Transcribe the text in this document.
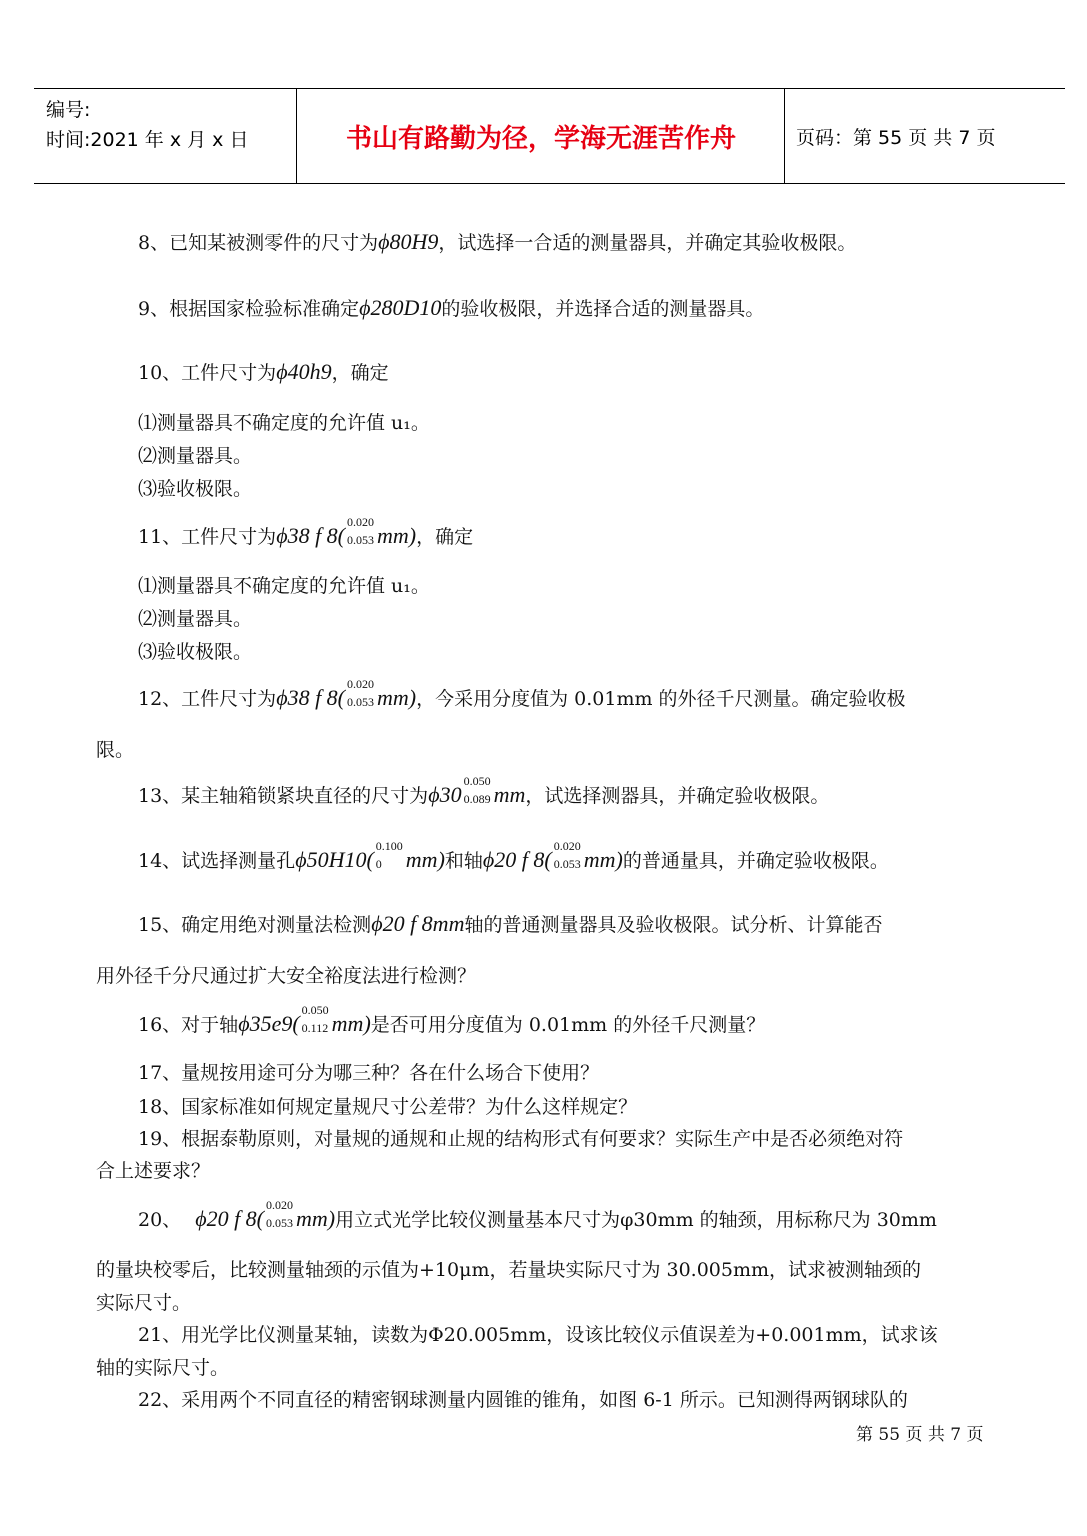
编号:
时间:2021 年 x 月 x 日	书山有路勤为径，学海无涯苦作舟	页码：第 55 页 共 7 页
8、已知某被测零件的尺寸为ϕ80H9，试选择一合适的测量器具，并确定其验收极限。
9、根据国家检验标准确定ϕ280D10的验收极限，并选择合适的测量器具。
10、工件尺寸为ϕ40h9，确定
⑴测量器具不确定度的允许值 u₁。
⑵测量器具。
⑶验收极限。
11、工件尺寸为ϕ38 f 8(
0.020
0.053 mm)，确定
⑴测量器具不确定度的允许值 u₁。
⑵测量器具。
⑶验收极限。
12、工件尺寸为ϕ38 f 8(
0.020
0.053 mm)，今采用分度值为 0.01mm 的外径千尺测量。确定验收极
限。
13、某主轴箱锁紧块直径的尺寸为ϕ30
0.050
0.089 mm，试选择测器具，并确定验收极限。
14、试选择测量孔ϕ50H10(
0.100
0 mm)和轴ϕ20 f 8(
0.020
0.053 mm)的普通量具，并确定验收极限。
15、确定用绝对测量法检测ϕ20 f 8mm轴的普通测量器具及验收极限。试分析、计算能否
用外径千分尺通过扩大安全裕度法进行检测？
16、对于轴ϕ35e9(
0.050
0.112 mm)是否可用分度值为 0.01mm 的外径千尺测量？
17、量规按用途可分为哪三种？各在什么场合下使用？
18、国家标准如何规定量规尺寸公差带？为什么这样规定？
19、根据泰勒原则，对量规的通规和止规的结构形式有何要求？实际生产中是否必须绝对符
合上述要求？
20、 ϕ20 f 8(
0.020
0.053 mm)用立式光学比较仪测量基本尺寸为φ30mm 的轴颈，用标称尺为 30mm
的量块校零后，比较测量轴颈的示值为+10μm，若量块实际尺寸为 30.005mm，试求被测轴颈的
实际尺寸。
21、用光学比仪测量某轴，读数为Φ20.005mm，设该比较仪示值误差为+0.001mm，试求该
轴的实际尺寸。
22、采用两个不同直径的精密钢球测量内圆锥的锥角，如图 6-1 所示。已知测得两钢球队的
第 55 页 共 7 页
